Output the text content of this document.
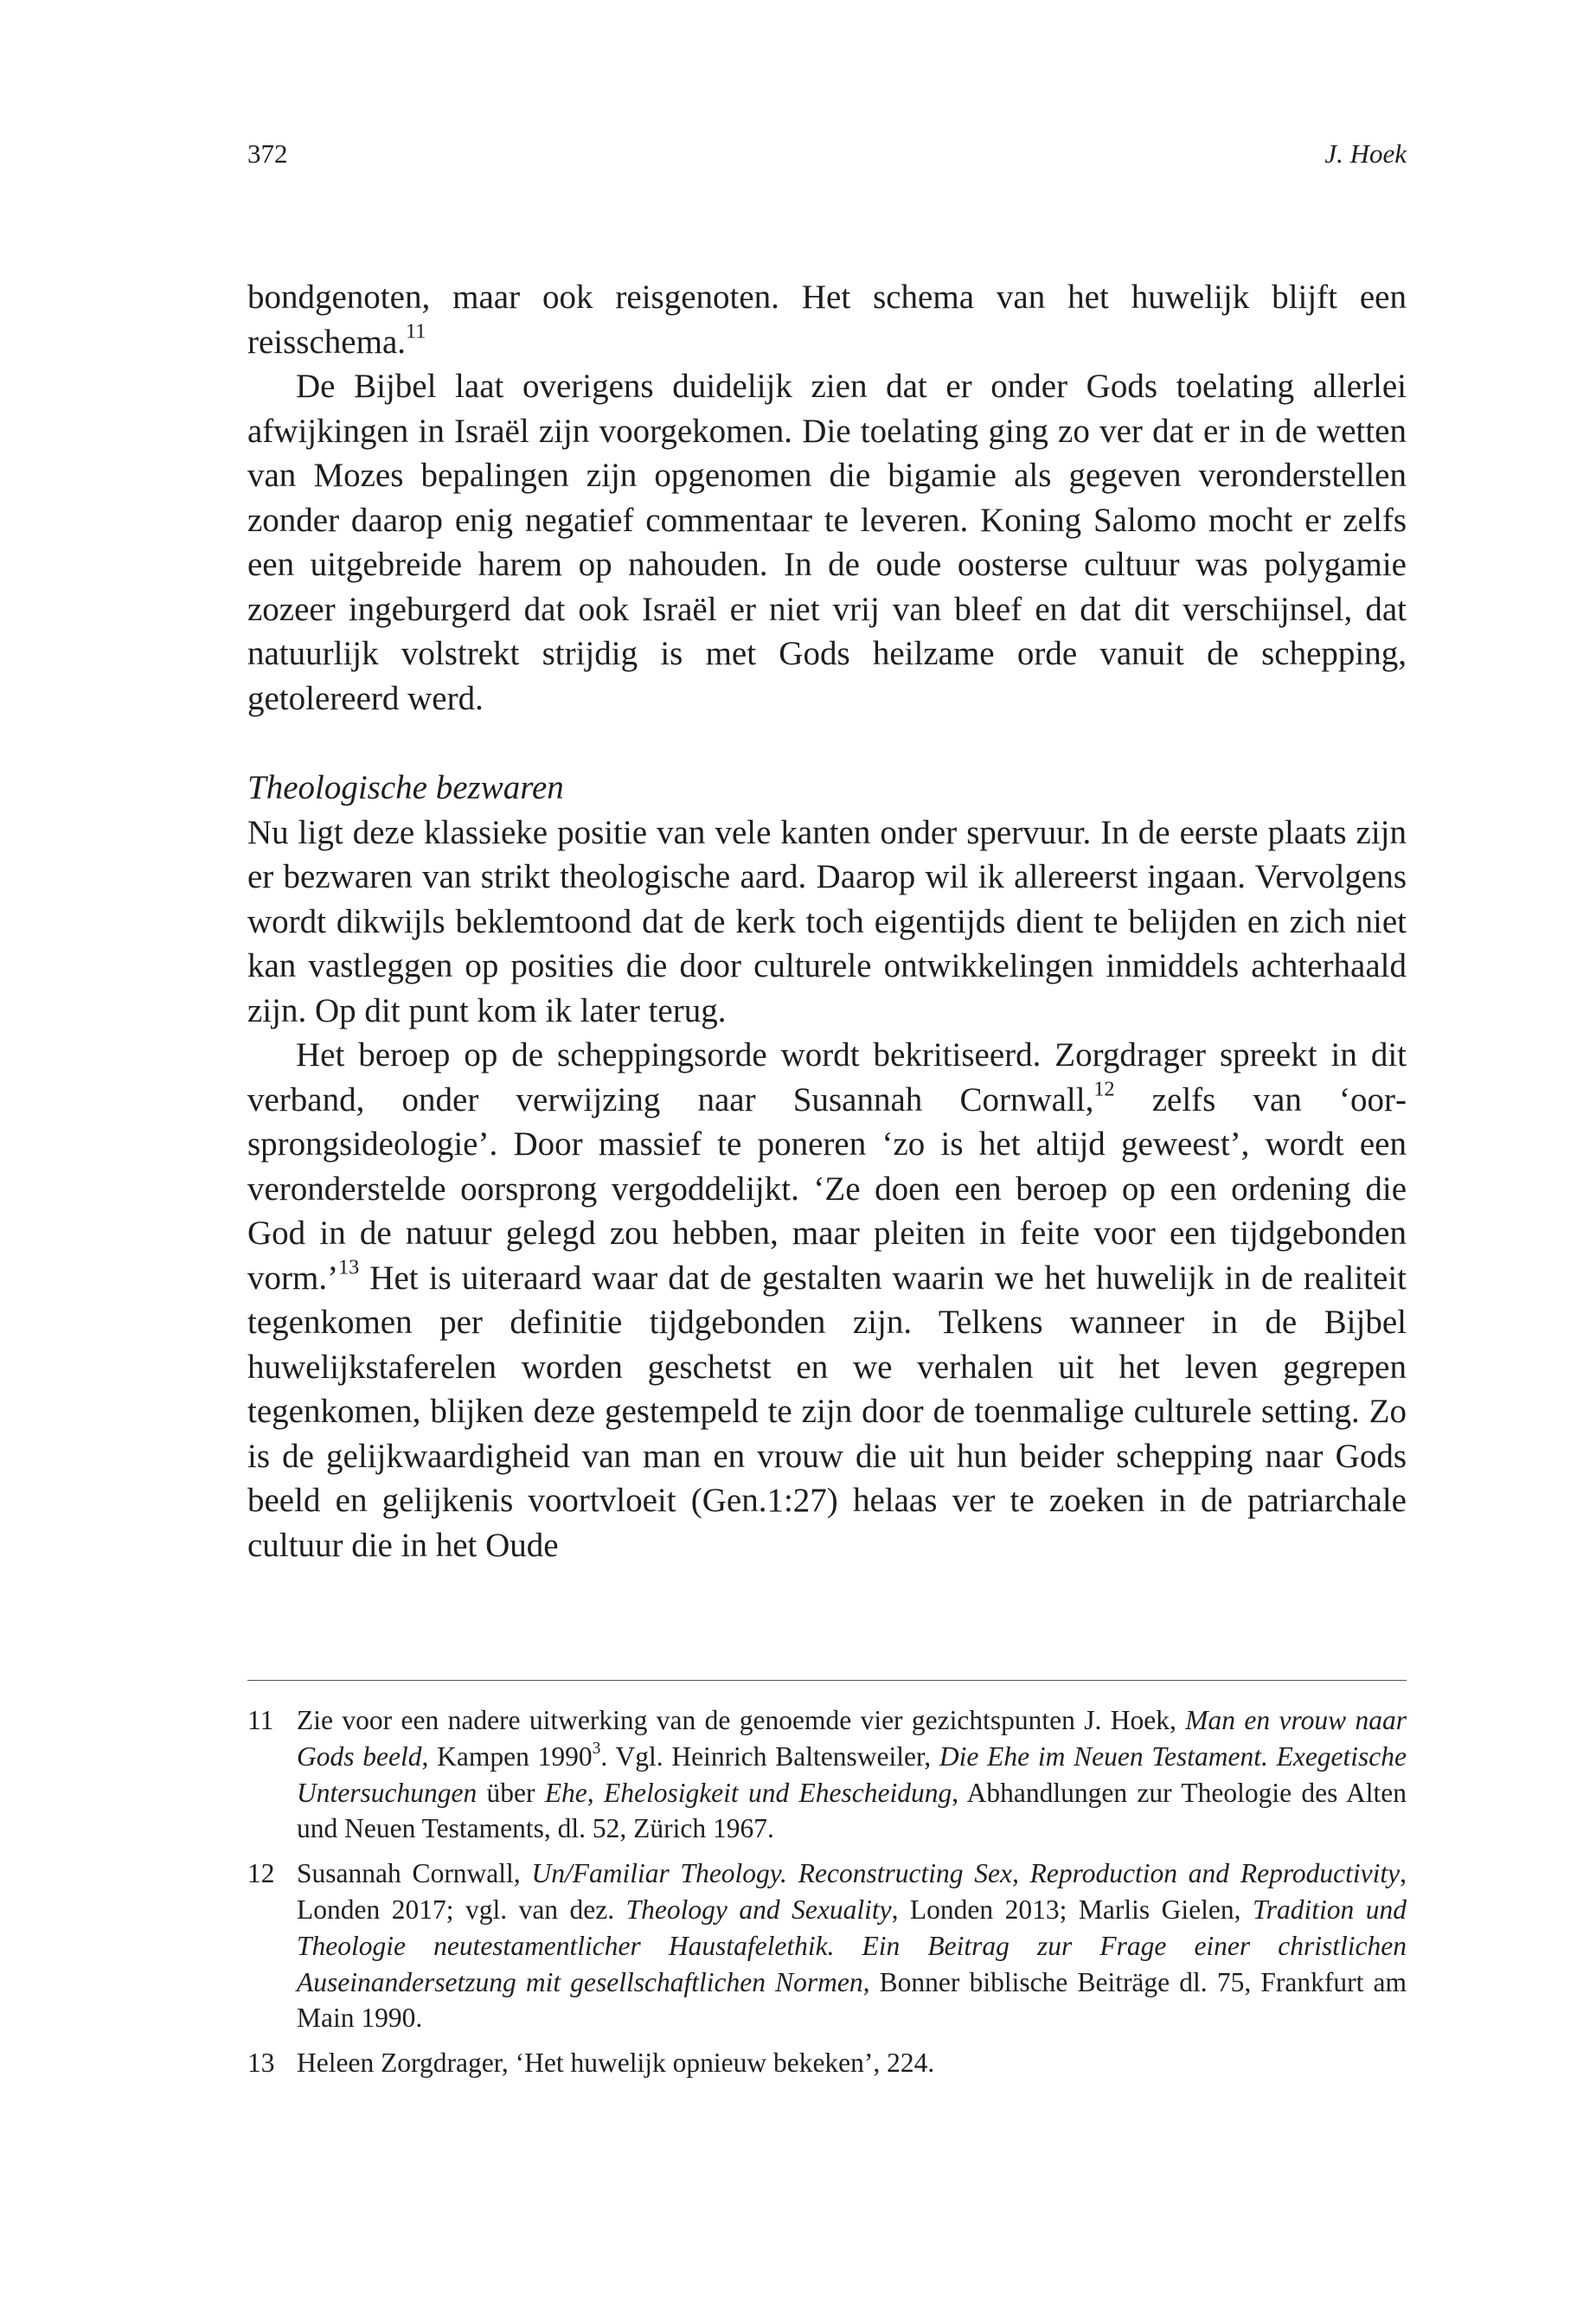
372	J. Hoek

bondgenoten, maar ook reisgenoten. Het schema van het huwelijk blijft een reisschema.$^{11}$

De Bijbel laat overigens duidelijk zien dat er onder Gods toelating allerlei afwijkingen in Israël zijn voorgekomen. Die toelating ging zo ver dat er in de wetten van Mozes bepalingen zijn opgenomen die bigamie als gegeven veronderstellen zonder daarop enig negatief commentaar te leveren. Koning Salomo mocht er zelfs een uitgebreide harem op nahouden. In de oude oosterse cultuur was polygamie zozeer ingeburgerd dat ook Israël er niet vrij van bleef en dat dit verschijnsel, dat natuurlijk volstrekt strijdig is met Gods heilzame orde vanuit de schepping, getolereerd werd.

Theologische bezwaren

Nu ligt deze klassieke positie van vele kanten onder spervuur. In de eerste plaats zijn er bezwaren van strikt theologische aard. Daarop wil ik allereerst ingaan. Vervolgens wordt dikwijls beklemtoond dat de kerk toch eigentijds dient te belijden en zich niet kan vastleggen op posities die door culturele ontwikkelingen inmiddels achterhaald zijn. Op dit punt kom ik later terug.

Het beroep op de scheppingsorde wordt bekritiseerd. Zorgdrager spreekt in dit verband, onder verwijzing naar Susannah Cornwall,$^{12}$ zelfs van ‘oorsprongsideologie’. Door massief te poneren ‘zo is het altijd geweest’, wordt een veronderstelde oorsprong vergoddelijkt. ‘Ze doen een beroep op een ordening die God in de natuur gelegd zou hebben, maar pleiten in feite voor een tijdgebonden vorm.’$^{13}$ Het is uiteraard waar dat de gestalten waarin we het huwelijk in de realiteit tegenkomen per definitie tijdgebonden zijn. Telkens wanneer in de Bijbel huwelijkstaferelen worden geschetst en we verhalen uit het leven gegrepen tegenkomen, blijken deze gestempeld te zijn door de toenmalige culturele setting. Zo is de gelijkwaardigheid van man en vrouw die uit hun beider schepping naar Gods beeld en gelijkenis voortvloeit (Gen.1:27) helaas ver te zoeken in de patriarchale cultuur die in het Oude

11 Zie voor een nadere uitwerking van de genoemde vier gezichtspunten J. Hoek, Man en vrouw naar Gods beeld, Kampen 1990$^3$. Vgl. Heinrich Baltensweiler, Die Ehe im Neuen Testament. Exegetische Untersuchungen über Ehe, Ehelosigkeit und Ehescheidung, Abhandlungen zur Theologie des Alten und Neuen Testaments, dl. 52, Zürich 1967.
12 Susannah Cornwall, Un/Familiar Theology. Reconstructing Sex, Reproduction and Reproductivity, Londen 2017; vgl. van dez. Theology and Sexuality, Londen 2013; Marlis Gielen, Tradition und Theologie neutestamentlicher Haustafelethik. Ein Beitrag zur Frage einer christlichen Auseinandersetzung mit gesellschaftlichen Normen, Bonner biblische Beiträge dl. 75, Frankfurt am Main 1990.
13 Heleen Zorgdrager, ‘Het huwelijk opnieuw bekeken’, 224.
